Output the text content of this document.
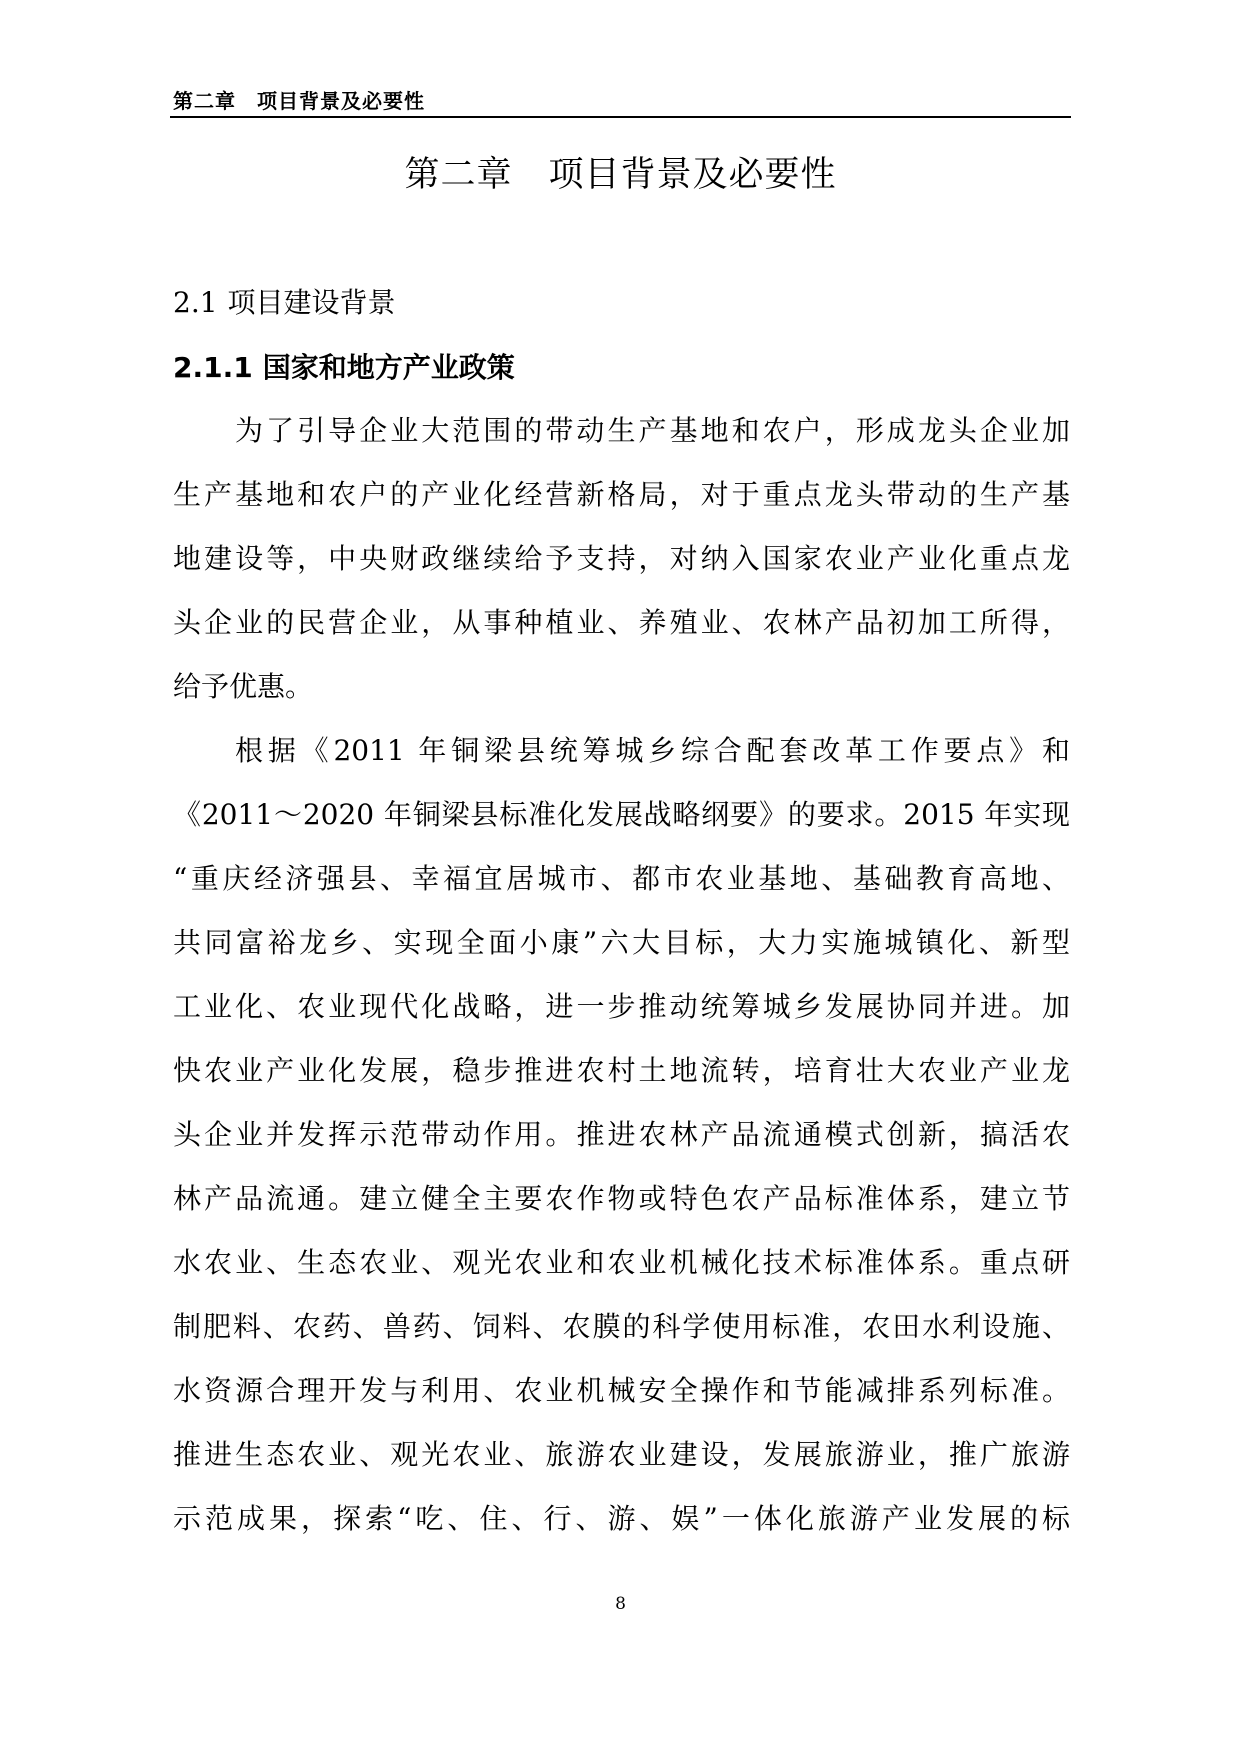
第二章　项目背景及必要性
第二章　项目背景及必要性
2.1 项目建设背景
2.1.1 国家和地方产业政策
为了引导企业大范围的带动生产基地和农户，形成龙头企业加
生产基地和农户的产业化经营新格局，对于重点龙头带动的生产基
地建设等，中央财政继续给予支持，对纳入国家农业产业化重点龙
头企业的民营企业，从事种植业、养殖业、农林产品初加工所得，
给予优惠。
根据《2011 年铜梁县统筹城乡综合配套改革工作要点》和
《2011～2020 年铜梁县标准化发展战略纲要》的要求。2015 年实现
“重庆经济强县、幸福宜居城市、都市农业基地、基础教育高地、
共同富裕龙乡、实现全面小康”六大目标，大力实施城镇化、新型
工业化、农业现代化战略，进一步推动统筹城乡发展协同并进。加
快农业产业化发展，稳步推进农村土地流转，培育壮大农业产业龙
头企业并发挥示范带动作用。推进农林产品流通模式创新，搞活农
林产品流通。建立健全主要农作物或特色农产品标准体系，建立节
水农业、生态农业、观光农业和农业机械化技术标准体系。重点研
制肥料、农药、兽药、饲料、农膜的科学使用标准，农田水利设施、
水资源合理开发与利用、农业机械安全操作和节能减排系列标准。
推进生态农业、观光农业、旅游农业建设，发展旅游业，推广旅游
示范成果，探索“吃、住、行、游、娱”一体化旅游产业发展的标
8
